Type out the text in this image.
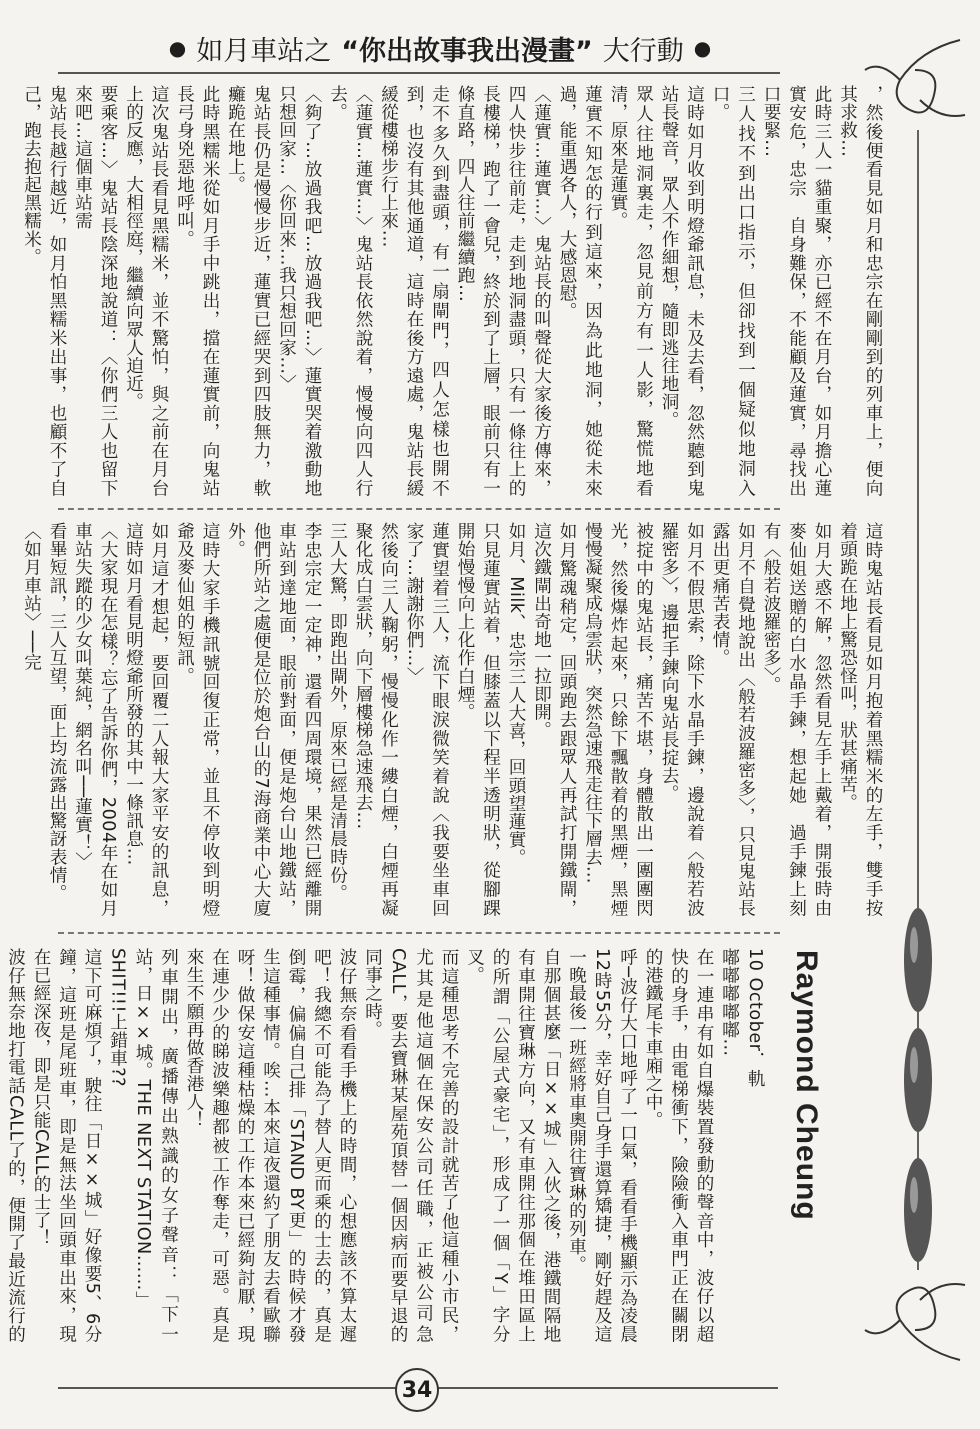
● 如月車站之 “你出故事我出漫畫” 大行動 ●
，然後便看見如月和忠宗在剛剛到的列車上，便向其求救…
此時三人一貓重聚，亦已經不在月台，如月擔心蓮實安危，忠宗　自身難保，不能顧及蓮實，尋找出口要緊…
三人找不到出口指示，但卻找到一個疑似地洞入口。
這時如月收到明燈爺訊息，未及去看，忽然聽到鬼站長聲音，眾人不作細想，隨即逃往地洞。
眾人往地洞裏走，忽見前方有一人影，驚慌地看清，原來是蓮實。
蓮實不知怎的行到這來，因為此地洞，她從未來過，能重遇各人，大感恩慰。
〈蓮實…蓮實…〉鬼站長的叫聲從大家後方傳來，四人快步往前走，走到地洞盡頭，只有一條往上的長樓梯，跑了一會兒，終於到了上層，眼前只有一條直路，四人往前繼續跑…
走不多久到盡頭，有一扇閘門，四人怎樣也開不到，也沒有其他通道，這時在後方遠處，鬼站長緩緩從樓梯步行上來…
〈蓮實…蓮實…〉鬼站長依然說着，慢慢向四人行去。
〈夠了…放過我吧…放過我吧…〉蓮實哭着激動地只想回家…〈你回來…我只想回家…〉
鬼站長仍是慢慢步近，蓮實已經哭到四肢無力，軟癱跪在地上。
此時黑糯米從如月手中跳出，擋在蓮實前，向鬼站長弓身兇惡地呼叫。
這次鬼站長看見黑糯米，並不驚怕，與之前在月台上的反應，大相徑庭，繼續向眾人迫近。
要乘客…〉鬼站長陰深地說道：〈你們三人也留下來吧…這個車站需
鬼站長越行越近，如月怕黑糯米出事，也顧不了自己，跑去抱起黑糯米。
這時鬼站長看見如月抱着黑糯米的左手，雙手按着頭跪在地上驚恐怪叫，狀甚痛苦。
如月大惑不解，忽然看見左手上戴着，開張時由麥仙姐送贈的白水晶手鍊，想起她　過手鍊上刻有〈般若波羅密多〉。
如月不自覺地說出〈般若波羅密多〉，只見鬼站長露出更痛苦表情。
如月不假思索，除下水晶手鍊，邊說着〈般若波羅密多〉，邊把手鍊向鬼站長掟去。
被掟中的鬼站長，痛苦不堪，身體散出一團團閃光，然後爆炸起來，只餘下飄散着的黑煙，黑煙慢慢凝聚成烏雲狀，突然急速飛走往下層去…
如月驚魂稍定，回頭跑去跟眾人再試打開鐵閘，這次鐵閘出奇地一拉即開。
如月、Milk、忠宗三人大喜，回頭望蓮實。
只見蓮實站着，但膝蓋以下程半透明狀，從腳踝開始慢慢向上化作白煙。
蓮實望着三人，流下眼淚微笑着說〈我要坐車回家了…謝謝你們…〉
然後向三人鞠躬，慢慢化作一縷白煙，白煙再凝聚化成白雲狀，向下層樓梯急速飛去…
三人大驚，即跑出閘外，原來已經是清晨時份。
李忠宗定一定神，還看四周環境，果然已經離開車站到達地面，眼前對面，便是炮台山地鐵站，他們所站之處便是位於炮台山的7海商業中心大廈外。
這時大家手機訊號回復正常，並且不停收到明燈爺及麥仙姐的短訊。
如月這才想起，要回覆二人報大家平安的訊息，這時如月看見明燈爺所發的其中一條訊息…
〈大家現在怎樣？忘了告訴你們，2004年在如月車站失蹤的少女叫葉純，網名叫──蓮實！〉
看畢短訊，三人互望，面上均流露出驚訝表情。
〈如月車站〉──完
Raymond Cheung
10 October．軌
嘟嘟嘟嘟嘟…
在一連串有如自爆裝置發動的聲音中，波仔以超快的身手，由電梯衝下，險險衝入車門正在關閉的港鐵尾卡車廂之中。
呼─波仔大口地呼了一口氣，看看手機顯示為凌晨12時55分，幸好自己身手還算矯捷，剛好趕及這一晚最後一班經將車奧開往寶琳的列車。
自那個甚麼「日××城」入伙之後，港鐵間隔地有車開往寶琳方向，又有車開往那個在堆田區上的所謂「公屋式豪宅」，形成了一個「Y」字分叉。
而這種思考不完善的設計就苦了他這種小市民，尤其是他這個在保安公司任職，正被公司急CALL，要去寶琳某屋苑頂替一個因病而要早退的同事之時。
波仔無奈看看手機上的時間，心想應該不算太遲吧！我總不可能為了替人更而乘的士去的，真是倒霉，偏偏自己排「STAND BY更」的時候才發生這種事情。唉…本來這夜還約了朋友去看歐聯呀！做保安這種枯燥的工作本來已經夠討厭，現在連少少的睇波樂趣都被工作奪走，可惡。真是來生不願再做香港人！
列車開出，廣播傳出熟識的女子聲音：「下一站，日××城。THE NEXT STATION……」
SHIT!!!上錯車??
這下可麻煩了，駛往「日××城」好像要5、6分鐘，這班是尾班車，即是無法坐回頭車出來，現在已經深夜，即是只能CALL的士了！
波仔無奈地打電話CALL了的，便開了最近流行的
34
